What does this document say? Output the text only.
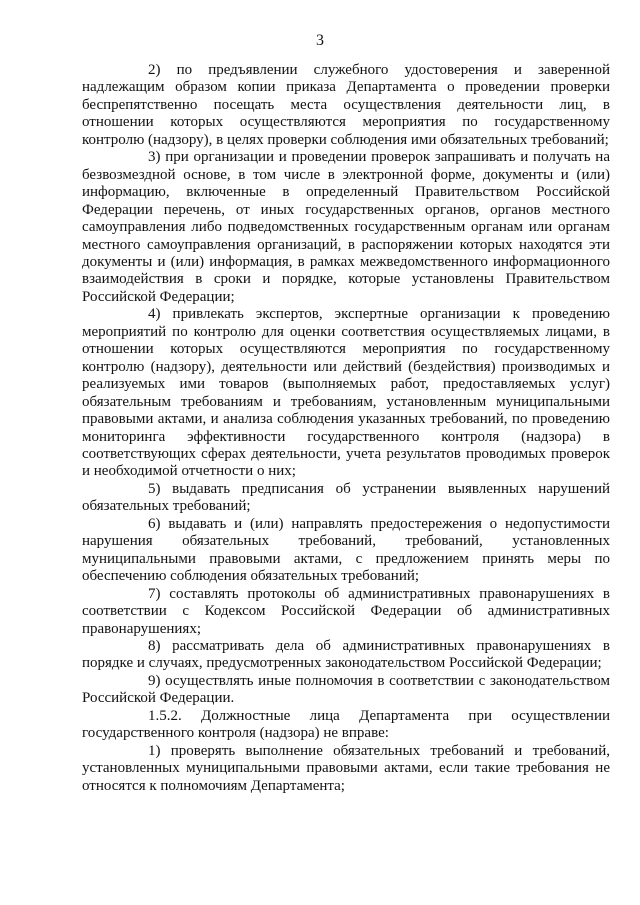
3

2) по предъявлении служебного удостоверения и заверенной надлежащим образом копии приказа Департамента о проведении проверки беспрепятственно посещать места осуществления деятельности лиц, в отношении которых осуществляются мероприятия по государственному контролю (надзору), в целях проверки соблюдения ими обязательных требований;

3) при организации и проведении проверок запрашивать и получать на безвозмездной основе, в том числе в электронной форме, документы и (или) информацию, включенные в определенный Правительством Российской Федерации перечень, от иных государственных органов, органов местного самоуправления либо подведомственных государственным органам или органам местного самоуправления организаций, в распоряжении которых находятся эти документы и (или) информация, в рамках межведомственного информационного взаимодействия в сроки и порядке, которые установлены Правительством Российской Федерации;

4) привлекать экспертов, экспертные организации к проведению мероприятий по контролю для оценки соответствия осуществляемых лицами, в отношении которых осуществляются мероприятия по государственному контролю (надзору), деятельности или действий (бездействия) производимых и реализуемых ими товаров (выполняемых работ, предоставляемых услуг) обязательным требованиям и требованиям, установленным муниципальными правовыми актами, и анализа соблюдения указанных требований, по проведению мониторинга эффективности государственного контроля (надзора) в соответствующих сферах деятельности, учета результатов проводимых проверок и необходимой отчетности о них;

5) выдавать предписания об устранении выявленных нарушений обязательных требований;

6) выдавать и (или) направлять предостережения о недопустимости нарушения обязательных требований, требований, установленных муниципальными правовыми актами, с предложением принять меры по обеспечению соблюдения обязательных требований;

7) составлять протоколы об административных правонарушениях в соответствии с Кодексом Российской Федерации об административных правонарушениях;

8) рассматривать дела об административных правонарушениях в порядке и случаях, предусмотренных законодательством Российской Федерации;

9) осуществлять иные полномочия в соответствии с законодательством Российской Федерации.

1.5.2. Должностные лица Департамента при осуществлении государственного контроля (надзора) не вправе:

1) проверять выполнение обязательных требований и требований, установленных муниципальными правовыми актами, если такие требования не относятся к полномочиям Департамента;
